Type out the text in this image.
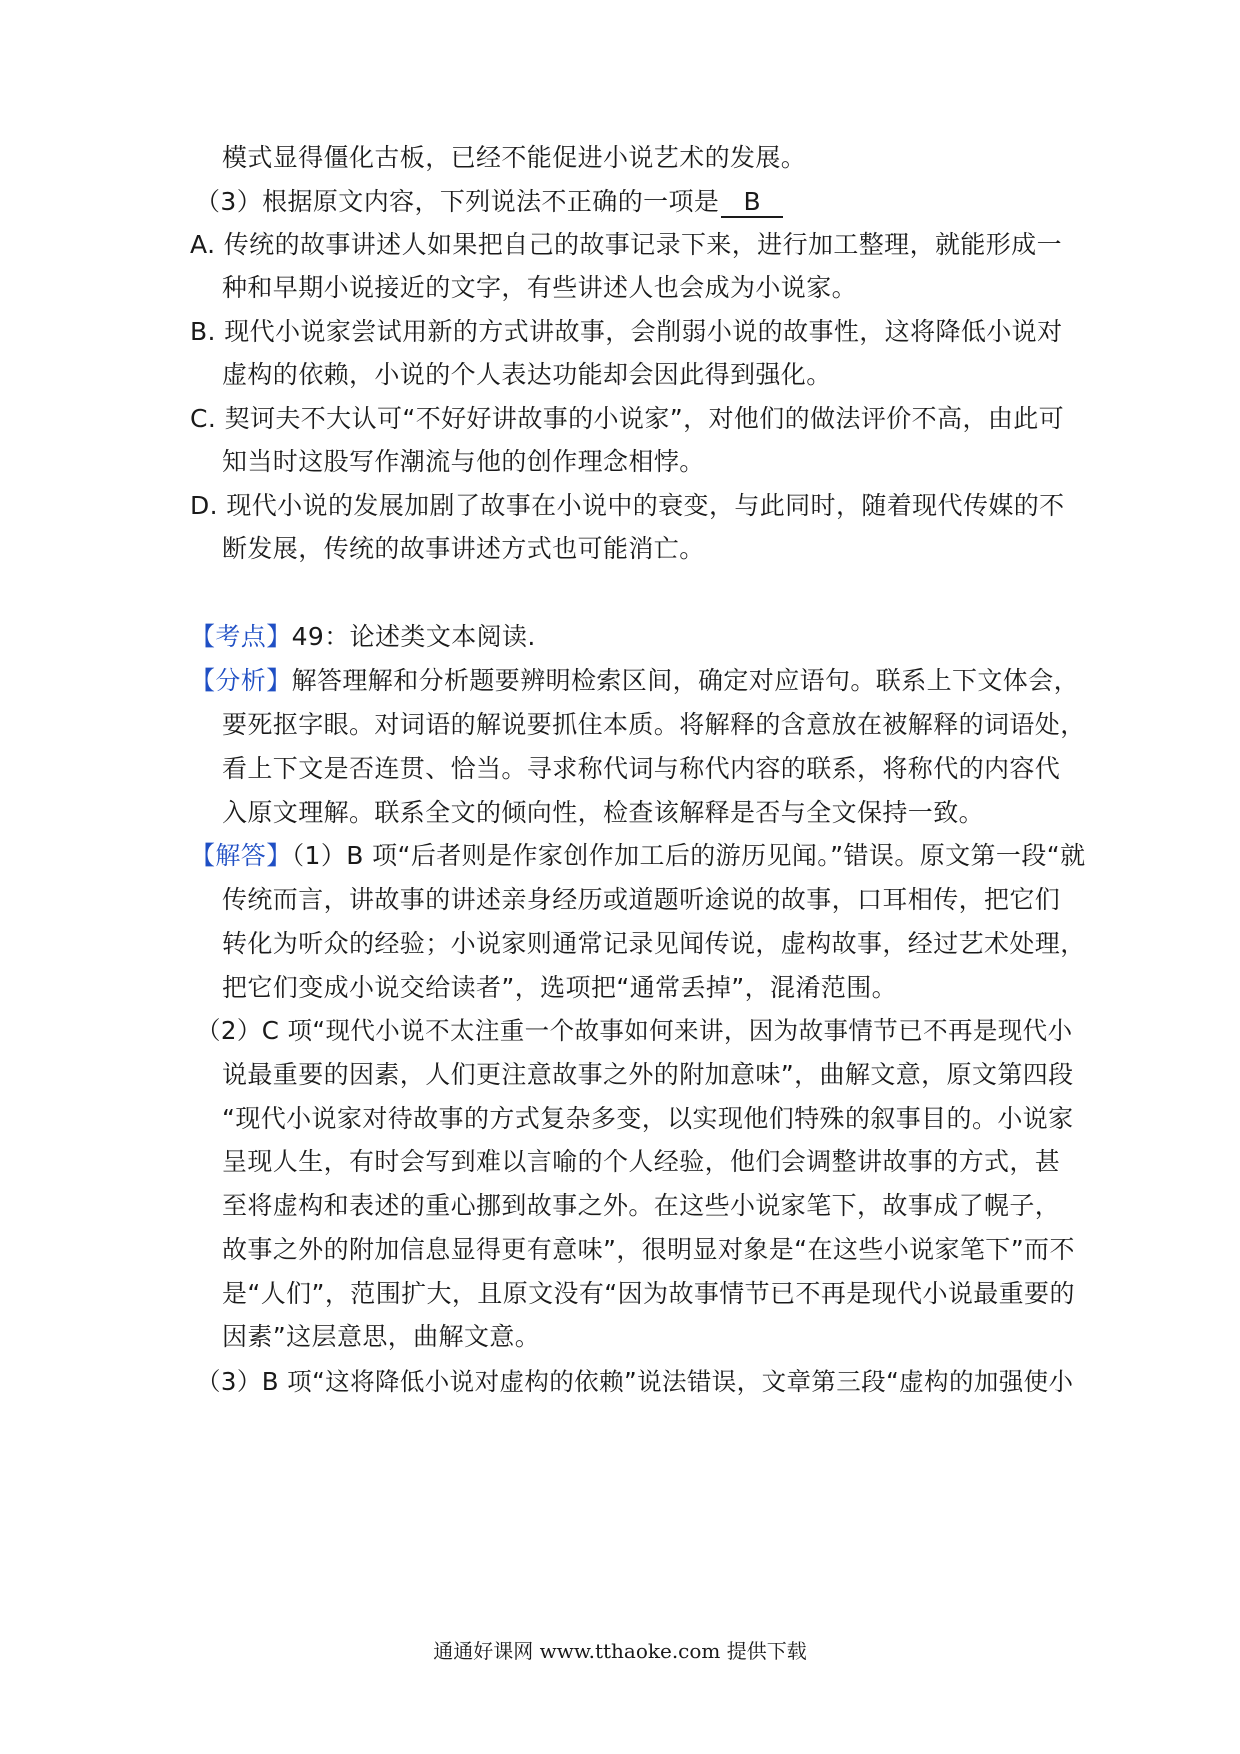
模式显得僵化古板，已经不能促进小说艺术的发展。
（3）根据原文内容，下列说法不正确的一项是 B
A. 传统的故事讲述人如果把自己的故事记录下来，进行加工整理，就能形成一
种和早期小说接近的文字，有些讲述人也会成为小说家。
B. 现代小说家尝试用新的方式讲故事，会削弱小说的故事性，这将降低小说对
虚构的依赖，小说的个人表达功能却会因此得到强化。
C. 契诃夫不大认可“不好好讲故事的小说家”，对他们的做法评价不高，由此可
知当时这股写作潮流与他的创作理念相悖。
D. 现代小说的发展加剧了故事在小说中的衰变，与此同时，随着现代传媒的不
断发展，传统的故事讲述方式也可能消亡。
【考点】49：论述类文本阅读.
【分析】解答理解和分析题要辨明检索区间，确定对应语句。联系上下文体会，
要死抠字眼。对词语的解说要抓住本质。将解释的含意放在被解释的词语处，
看上下文是否连贯、恰当。寻求称代词与称代内容的联系，将称代的内容代
入原文理解。联系全文的倾向性，检查该解释是否与全文保持一致。
【解答】（1）B 项“后者则是作家创作加工后的游历见闻。”错误。原文第一段“就
传统而言，讲故事的讲述亲身经历或道题听途说的故事，口耳相传，把它们
转化为听众的经验；小说家则通常记录见闻传说，虚构故事，经过艺术处理，
把它们变成小说交给读者”，选项把“通常丢掉”，混淆范围。
（2）C 项“现代小说不太注重一个故事如何来讲，因为故事情节已不再是现代小
说最重要的因素，人们更注意故事之外的附加意味”，曲解文意，原文第四段
“现代小说家对待故事的方式复杂多变，以实现他们特殊的叙事目的。小说家
呈现人生，有时会写到难以言喻的个人经验，他们会调整讲故事的方式，甚
至将虚构和表述的重心挪到故事之外。在这些小说家笔下，故事成了幌子，
故事之外的附加信息显得更有意味”，很明显对象是“在这些小说家笔下”而不
是“人们”，范围扩大，且原文没有“因为故事情节已不再是现代小说最重要的
因素”这层意思，曲解文意。
（3）B 项“这将降低小说对虚构的依赖”说法错误，文章第三段“虚构的加强使小
通通好课网 www.tthaoke.com 提供下载
